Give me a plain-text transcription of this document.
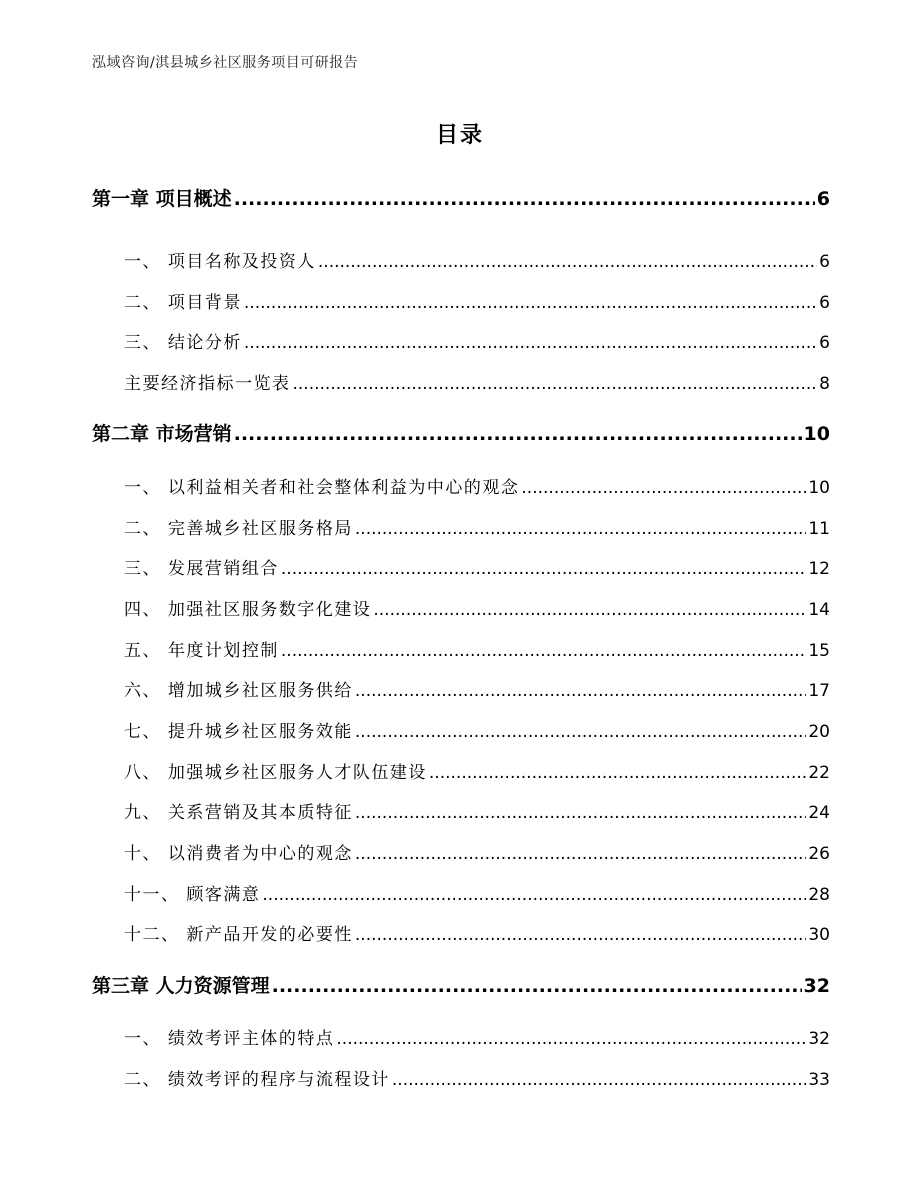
泓域咨询/淇县城乡社区服务项目可研报告
目录
第一章 项目概述 .....	6
一、 项目名称及投资人 .....	6
二、 项目背景 .....	6
三、 结论分析 .....	6
主要经济指标一览表 .....	8
第二章 市场营销 .....	10
一、 以利益相关者和社会整体利益为中心的观念 .....	10
二、 完善城乡社区服务格局 .....	11
三、 发展营销组合 .....	12
四、 加强社区服务数字化建设 .....	14
五、 年度计划控制 .....	15
六、 增加城乡社区服务供给 .....	17
七、 提升城乡社区服务效能 .....	20
八、 加强城乡社区服务人才队伍建设 .....	22
九、 关系营销及其本质特征 .....	24
十、 以消费者为中心的观念 .....	26
十一、 顾客满意 .....	28
十二、 新产品开发的必要性 .....	30
第三章 人力资源管理 .....	32
一、 绩效考评主体的特点 .....	32
二、 绩效考评的程序与流程设计 .....	33
